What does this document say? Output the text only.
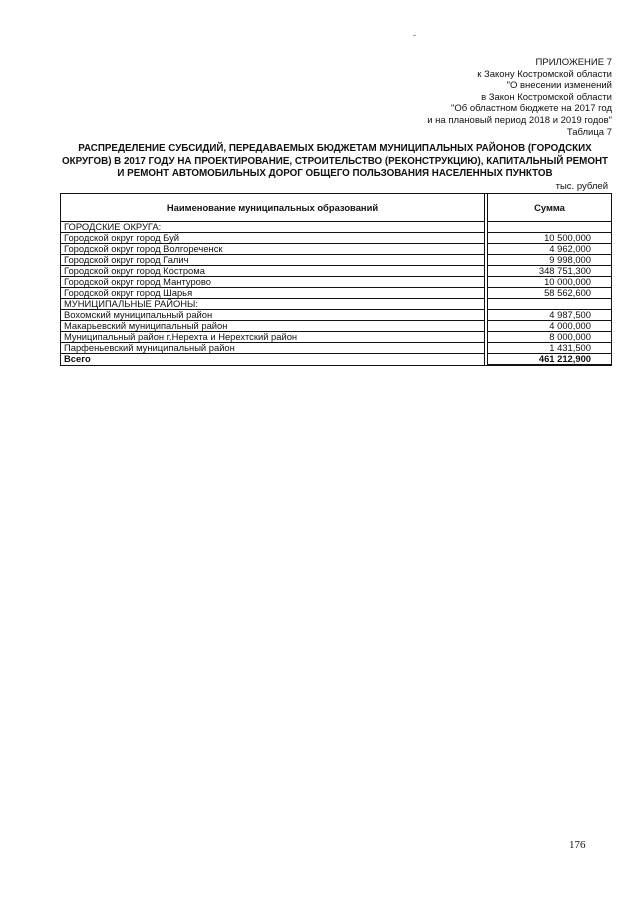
-
ПРИЛОЖЕНИЕ 7
к Закону Костромской области
"О внесении изменений
в Закон Костромской области
"Об областном бюджете на 2017 год
и на плановый период 2018 и 2019 годов"
Таблица 7
РАСПРЕДЕЛЕНИЕ СУБСИДИЙ, ПЕРЕДАВАЕМЫХ БЮДЖЕТАМ МУНИЦИПАЛЬНЫХ РАЙОНОВ (ГОРОДСКИХ
ОКРУГОВ) В 2017 ГОДУ НА ПРОЕКТИРОВАНИЕ, СТРОИТЕЛЬСТВО (РЕКОНСТРУКЦИЮ), КАПИТАЛЬНЫЙ РЕМОНТ
И РЕМОНТ АВТОМОБИЛЬНЫХ ДОРОГ ОБЩЕГО ПОЛЬЗОВАНИЯ НАСЕЛЕННЫХ ПУНКТОВ
тыс. рублей
Наименование муниципальных образований		Сумма
ГОРОДСКИЕ ОКРУГА:		
Городской округ город Буй		10 500,000
Городской округ город Волгореченск		4 962,000
Городской округ город Галич		9 998,000
Городской округ город Кострома		348 751,300
Городской округ город Мантурово		10 000,000
Городской округ город Шарья		58 562,600
МУНИЦИПАЛЬНЫЕ РАЙОНЫ:		
Вохомский муниципальный район		4 987,500
Макарьевский муниципальный район		4 000,000
Муниципальный район г.Нерехта и Нерехтский район		8 000,000
Парфеньевский муниципальный район		1 431,500
Всего		461 212,900
176
